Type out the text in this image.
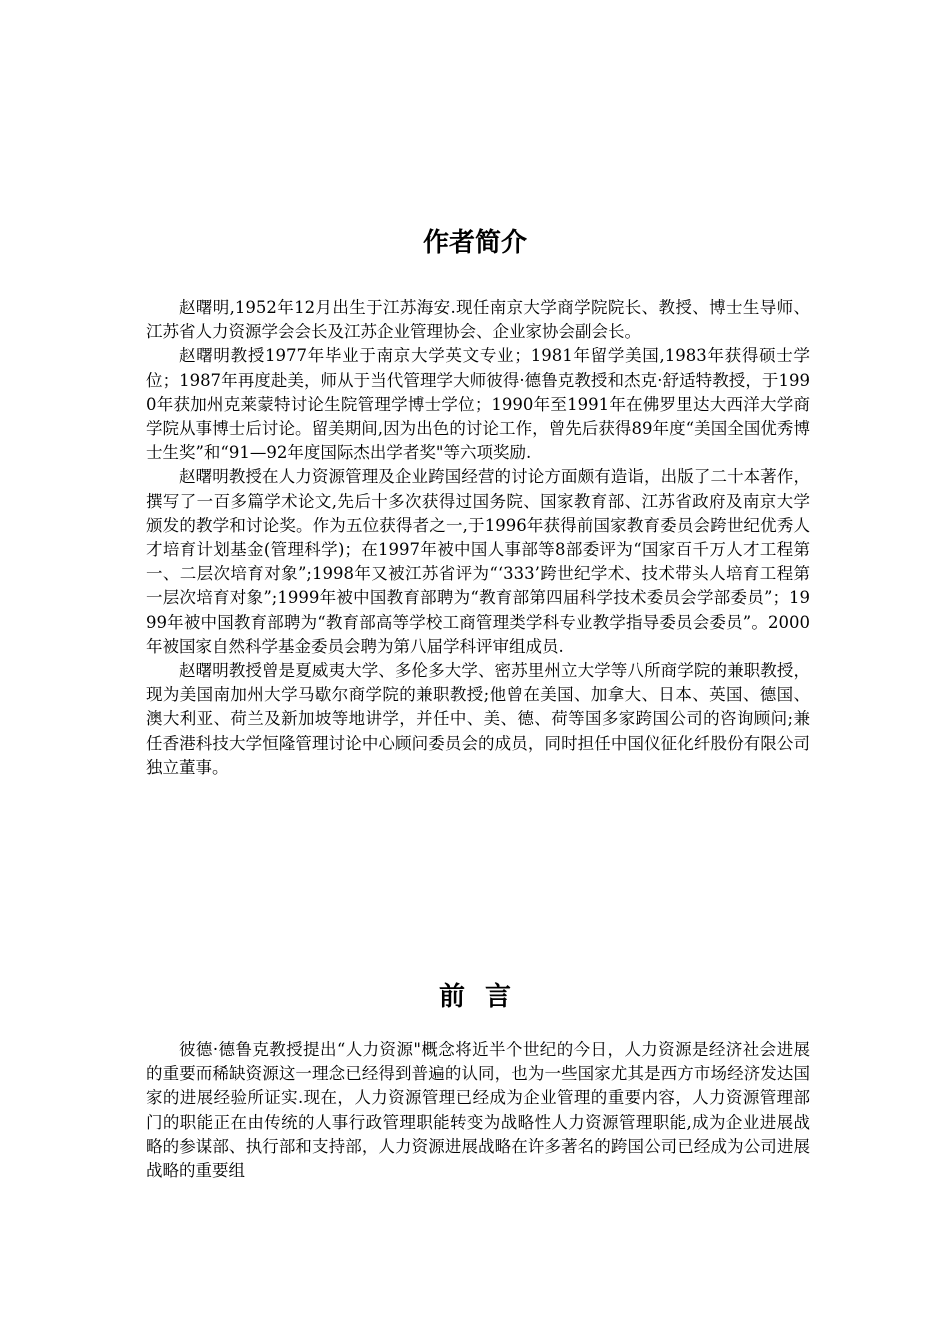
作者简介

赵曙明,1952年12月出生于江苏海安.现任南京大学商学院院长、教授、博士生导师、江苏省人力资源学会会长及江苏企业管理协会、企业家协会副会长。

赵曙明教授1977年毕业于南京大学英文专业；1981年留学美国,1983年获得硕士学位；1987年再度赴美，师从于当代管理学大师彼得·德鲁克教授和杰克·舒适特教授，于1990年获加州克莱蒙特讨论生院管理学博士学位；1990年至1991年在佛罗里达大西洋大学商学院从事博士后讨论。留美期间,因为出色的讨论工作，曾先后获得89年度“美国全国优秀博士生奖”和“91—92年度国际杰出学者奖"等六项奖励.

赵曙明教授在人力资源管理及企业跨国经营的讨论方面颇有造诣，出版了二十本著作，撰写了一百多篇学术论文,先后十多次获得过国务院、国家教育部、江苏省政府及南京大学颁发的教学和讨论奖。作为五位获得者之一,于1996年获得前国家教育委员会跨世纪优秀人才培育计划基金(管理科学)；在1997年被中国人事部等8部委评为“国家百千万人才工程第一、二层次培育对象”;1998年又被江苏省评为“‘333’跨世纪学术、技术带头人培育工程第一层次培育对象”;1999年被中国教育部聘为“教育部第四届科学技术委员会学部委员”；1999年被中国教育部聘为“教育部高等学校工商管理类学科专业教学指导委员会委员”。2000年被国家自然科学基金委员会聘为第八届学科评审组成员.

赵曙明教授曾是夏威夷大学、多伦多大学、密苏里州立大学等八所商学院的兼职教授，现为美国南加州大学马歇尔商学院的兼职教授;他曾在美国、加拿大、日本、英国、德国、澳大利亚、荷兰及新加坡等地讲学，并任中、美、德、荷等国多家跨国公司的咨询顾问;兼任香港科技大学恒隆管理讨论中心顾问委员会的成员，同时担任中国仪征化纤股份有限公司独立董事。

前言

彼德·德鲁克教授提出“人力资源"概念将近半个世纪的今日，人力资源是经济社会进展的重要而稀缺资源这一理念已经得到普遍的认同，也为一些国家尤其是西方市场经济发达国家的进展经验所证实.现在，人力资源管理已经成为企业管理的重要内容，人力资源管理部门的职能正在由传统的人事行政管理职能转变为战略性人力资源管理职能,成为企业进展战略的参谋部、执行部和支持部，人力资源进展战略在许多著名的跨国公司已经成为公司进展战略的重要组
